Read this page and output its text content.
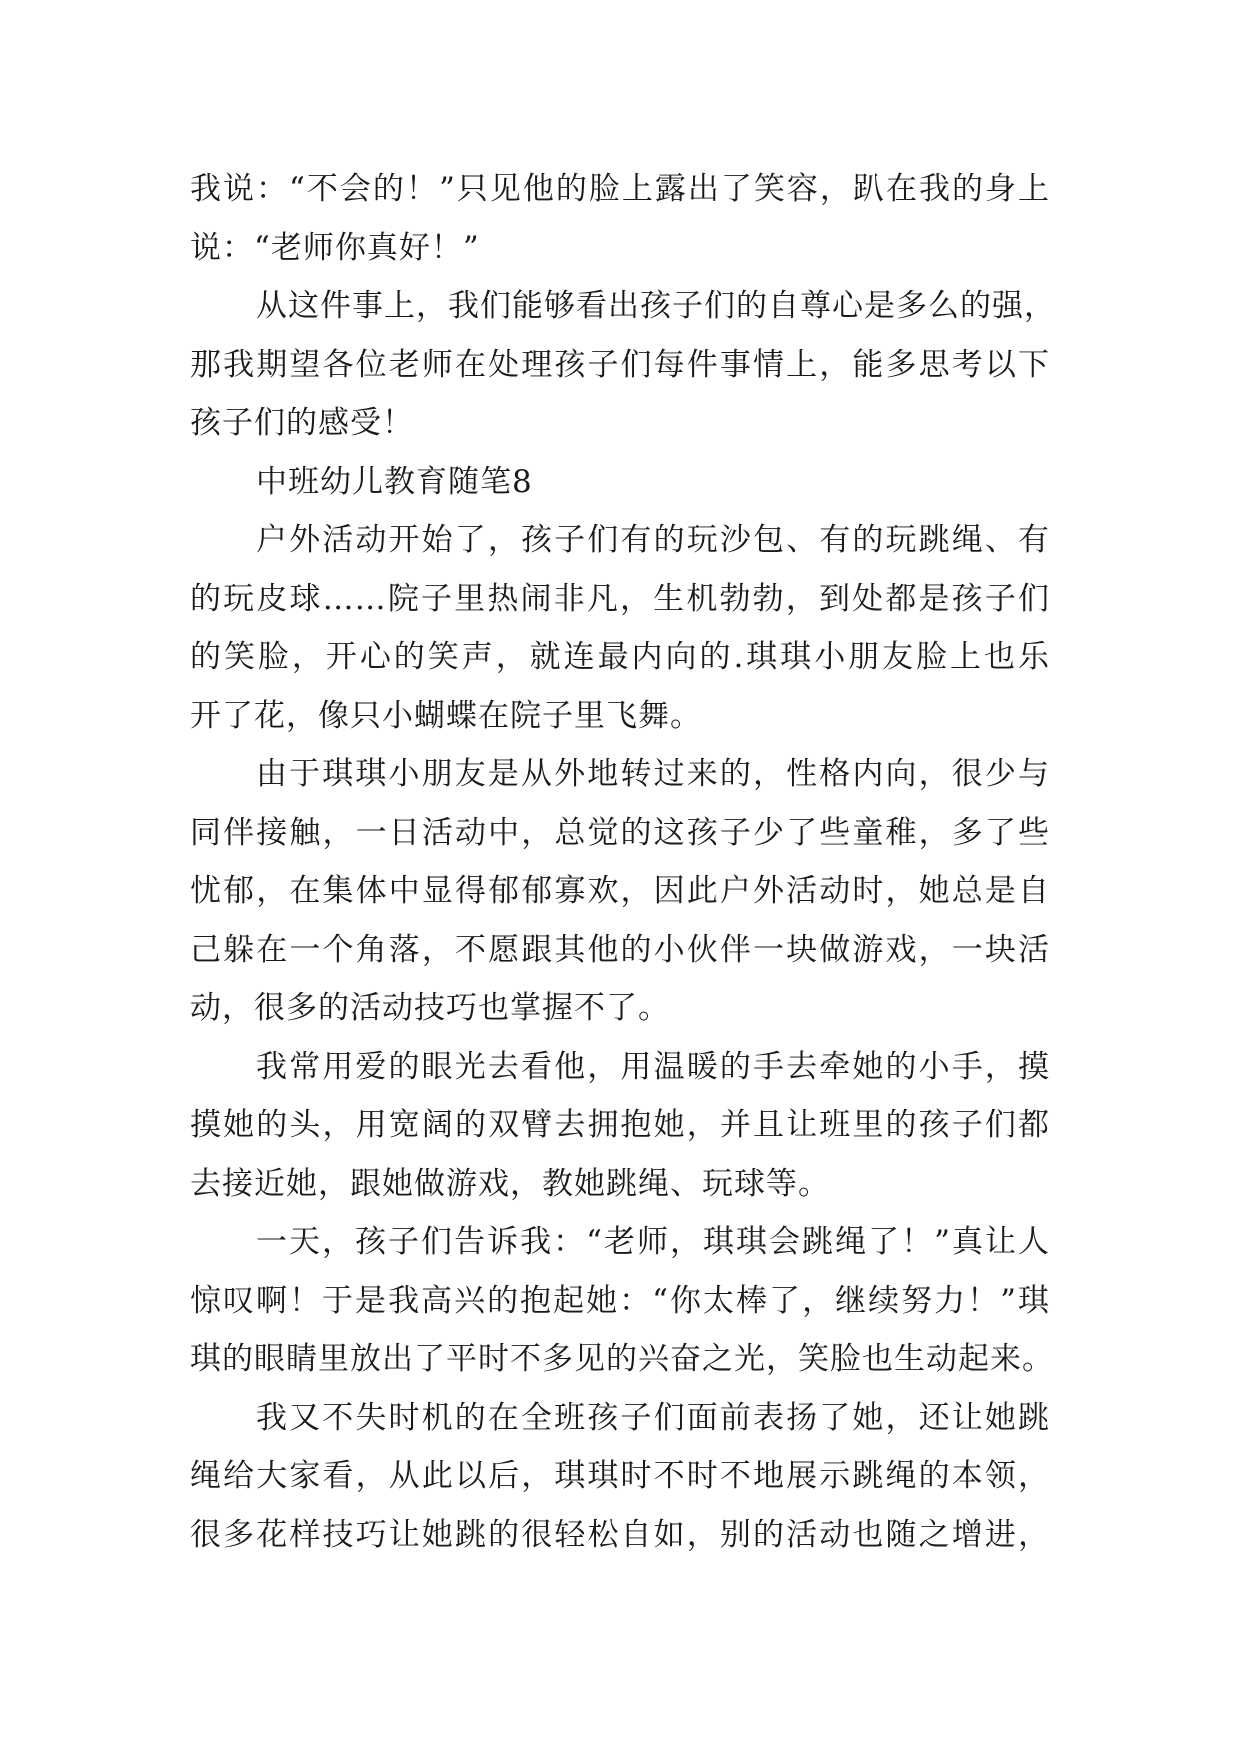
我说：“不会的！”只见他的脸上露出了笑容，趴在我的身上
说：“老师你真好！”
从这件事上，我们能够看出孩子们的自尊心是多么的强，
那我期望各位老师在处理孩子们每件事情上，能多思考以下
孩子们的感受！
中班幼儿教育随笔8
户外活动开始了，孩子们有的玩沙包、有的玩跳绳、有
的玩皮球……院子里热闹非凡，生机勃勃，到处都是孩子们
的笑脸，开心的笑声，就连最内向的.琪琪小朋友脸上也乐
开了花，像只小蝴蝶在院子里飞舞。
由于琪琪小朋友是从外地转过来的，性格内向，很少与
同伴接触，一日活动中，总觉的这孩子少了些童稚，多了些
忧郁，在集体中显得郁郁寡欢，因此户外活动时，她总是自
己躲在一个角落，不愿跟其他的小伙伴一块做游戏，一块活
动，很多的活动技巧也掌握不了。
我常用爱的眼光去看他，用温暖的手去牵她的小手，摸
摸她的头，用宽阔的双臂去拥抱她，并且让班里的孩子们都
去接近她，跟她做游戏，教她跳绳、玩球等。
一天，孩子们告诉我：“老师，琪琪会跳绳了！”真让人
惊叹啊！于是我高兴的抱起她：“你太棒了，继续努力！”琪
琪的眼睛里放出了平时不多见的兴奋之光，笑脸也生动起来。
我又不失时机的在全班孩子们面前表扬了她，还让她跳
绳给大家看，从此以后，琪琪时不时不地展示跳绳的本领，
很多花样技巧让她跳的很轻松自如，别的活动也随之增进，
